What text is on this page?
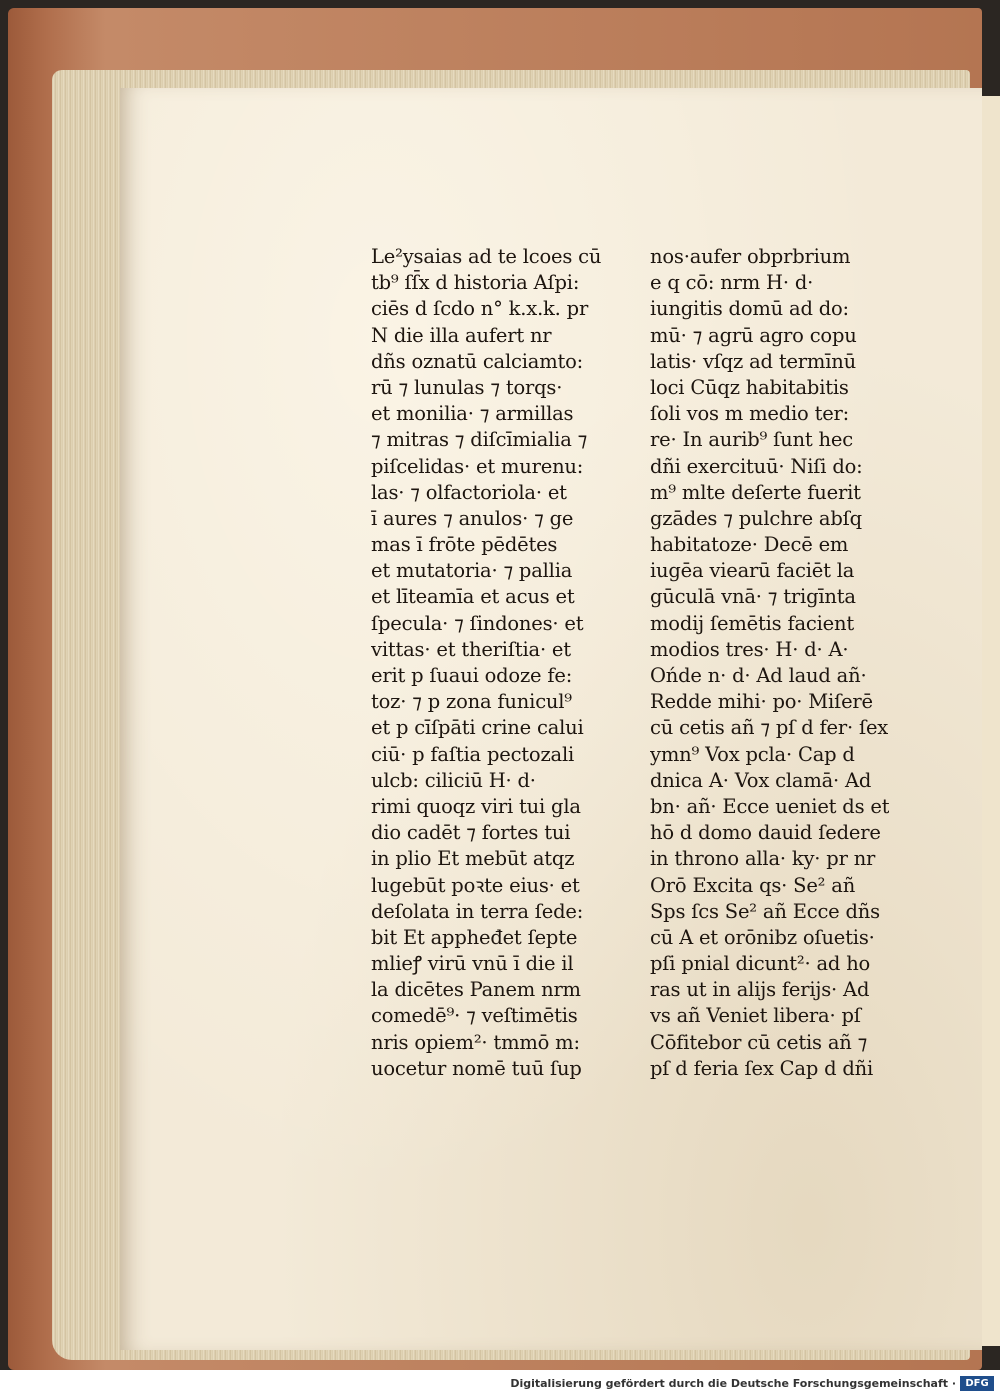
Le²ysaias ad te lcoes cū
tb⁹ ſſ̄x d historia Aſpi:
ciēs d ſcdo n° k.x.k. pr
N die illa aufert nr
dñs oznatū calciamto:
rū ⁊ lunulas ⁊ torqs·
et monilia· ⁊ armillas
⁊ mitras ⁊ diſcīmialia ⁊
piſcelidas· et murenu:
las· ⁊ olfactoriola· et
ī aures ⁊ anulos· ⁊ ge
mas ī frōte pēdētes
et mutatoria· ⁊ pallia
et līteamīa et acus et
ſpecula· ⁊ ſindones· et
vittas· et theriſtia· et
erit p ſuaui odoze fe:
toz· ⁊ p zona funicul⁹
et p cīſpāti crine calui
ciū· p faſtia pectozali
ulcb: ciliciū H· d·
rimi quoqz viri tui gla
dio cadēt ⁊ fortes tui
in plio Et mebūt atqz
lugebūt poꝛte eius· et
deſolata in terra ſede:
bit Et appheđet ſepte
mlieꝭ virū vnū ī die il
la dicētes Panem nrm
comedē⁹· ⁊ veſtimētis
nris opiem²· tmmō m:
uocetur nomē tuū ſup
nos·aufer obprbrium
e q cō: nrm H· d·
iungitis domū ad do:
mū· ⁊ agrū agro copu
latis· vſqz ad termīnū
loci Cūqz habitabitis
ſoli vos m medio ter:
re· In aurib⁹ ſunt hec
dñi exercituū· Niſi do:
m⁹ mlte deſerte fuerit
gzādes ⁊ pulchre abſq
habitatoze· Decē em
iugēa viearū faciēt la
gūculā vnā· ⁊ trigīnta
modij ſemētis facient
modios tres· H· d· A·
Ońde n· d· Ad laud añ·
Redde mihi· po· Miſerē
cū cetis añ ⁊ pſ d fer· ſex
ymn⁹ Vox pcla· Cap d
dnica A· Vox clamā· Ad
bn· añ· Ecce ueniet ds et
hō d domo dauid ſedere
in throno alla· ky· pr nr
Orō Excita qs· Se² añ
Sps ſcs Se² añ Ecce dñs
cū A et orōnibz oſuetis·
pſi pnial dicunt²· ad ho
ras ut in alijs ferijs· Ad
vs añ Veniet libera· pſ
Cōfitebor cū cetis añ ⁊
pſ d feria ſex Cap d dñi
Digitalisierung gefördert durch die Deutsche Forschungsgemeinschaft · DFG
